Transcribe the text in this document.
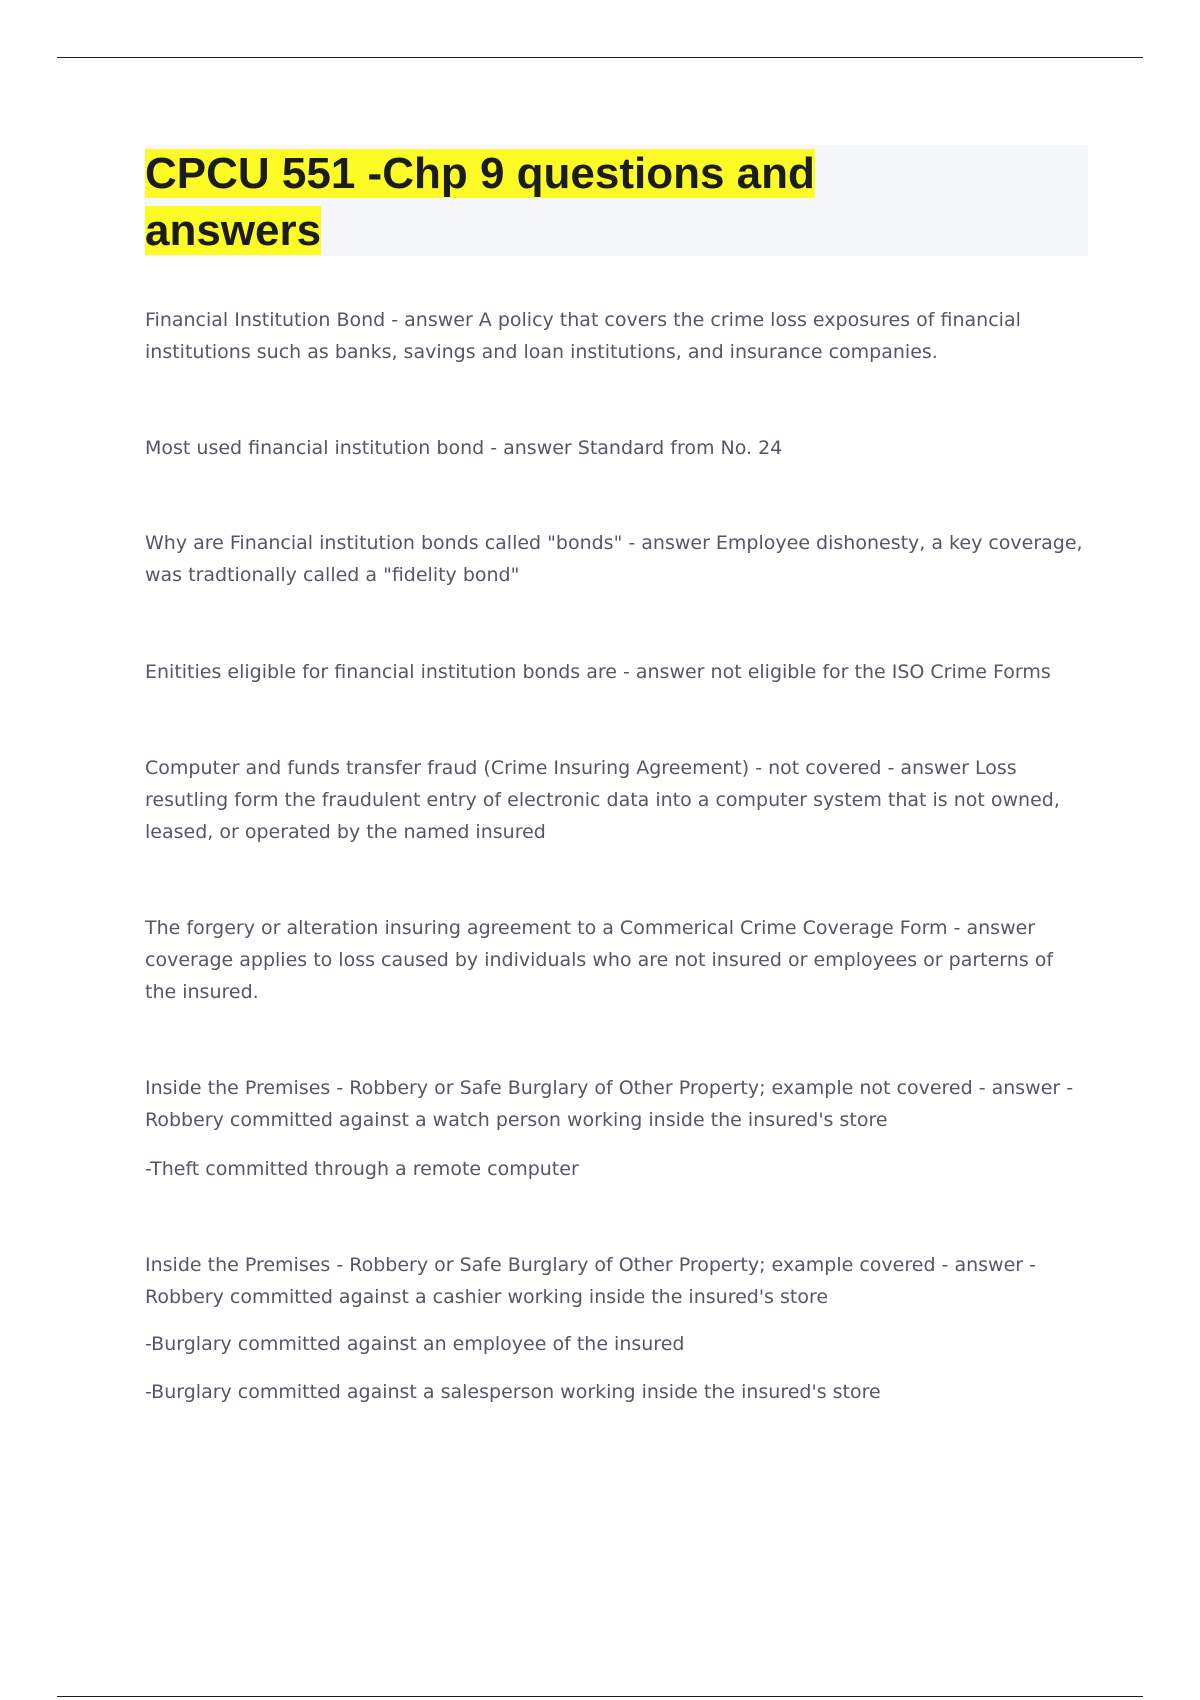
CPCU 551 -Chp 9 questions and answers

Financial Institution Bond - answer A policy that covers the crime loss exposures of financial institutions such as banks, savings and loan institutions, and insurance companies.

Most used financial institution bond - answer Standard from No. 24

Why are Financial institution bonds called "bonds" - answer Employee dishonesty, a key coverage, was tradtionally called a "fidelity bond"

Enitities eligible for financial institution bonds are - answer not eligible for the ISO Crime Forms

Computer and funds transfer fraud (Crime Insuring Agreement) - not covered - answer Loss resutling form the fraudulent entry of electronic data into a computer system that is not owned, leased, or operated by the named insured

The forgery or alteration insuring agreement to a Commerical Crime Coverage Form - answer coverage applies to loss caused by individuals who are not insured or employees or parterns of the insured.

Inside the Premises - Robbery or Safe Burglary of Other Property; example not covered - answer -Robbery committed against a watch person working inside the insured's store

-Theft committed through a remote computer

Inside the Premises - Robbery or Safe Burglary of Other Property; example covered - answer -Robbery committed against a cashier working inside the insured's store

-Burglary committed against an employee of the insured

-Burglary committed against a salesperson working inside the insured's store
